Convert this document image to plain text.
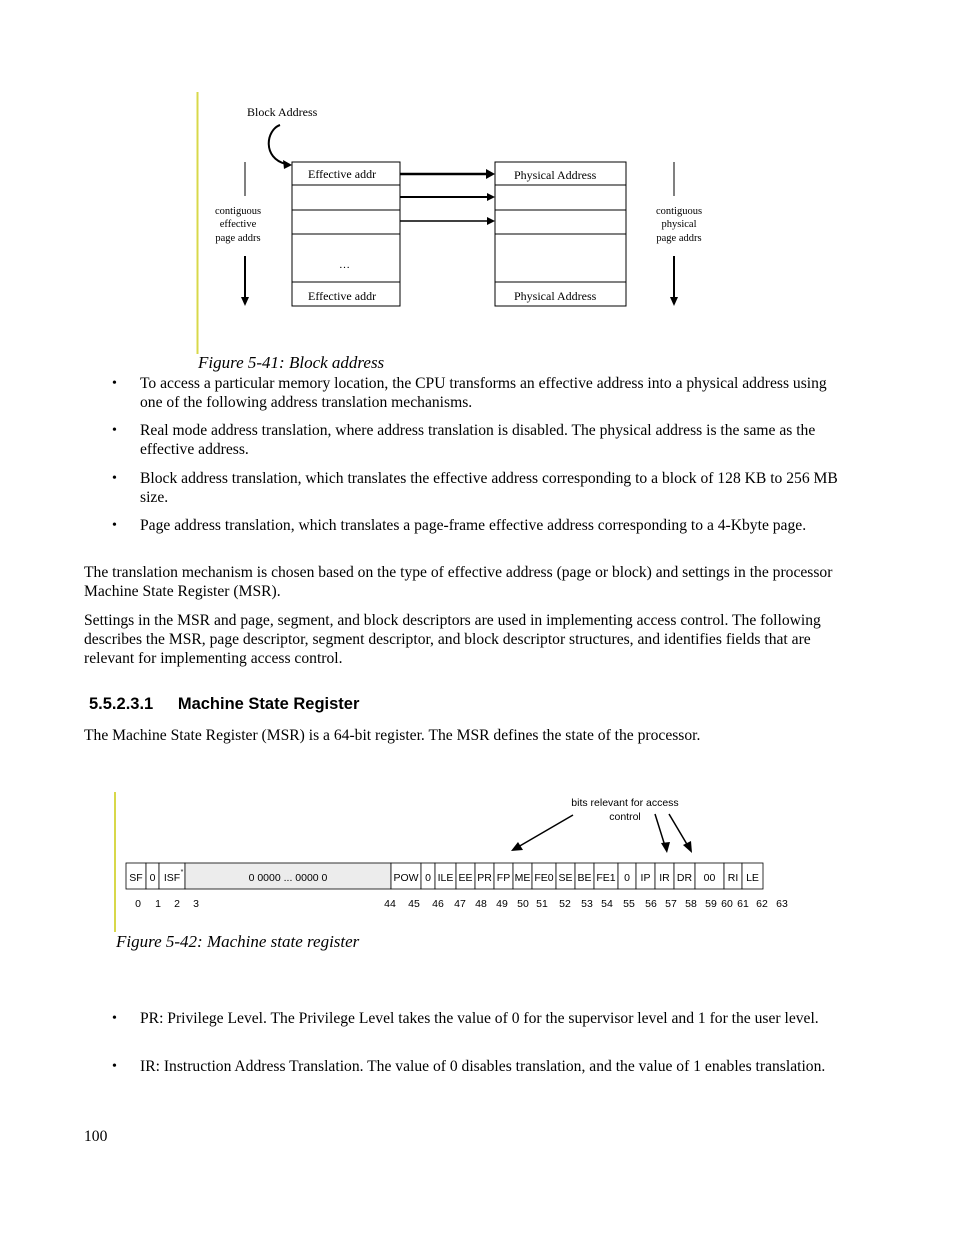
Block Address
Effective addr
…
Effective addr
Physical Address
Physical Address
contiguous
effective
page addrs
contiguous
physical
page addrs
Figure 5-41: Block address
• To access a particular memory location, the CPU transforms an effective address into a physical address using one of the following address translation mechanisms.
• Real mode address translation, where address translation is disabled. The physical address is the same as the effective address.
• Block address translation, which translates the effective address corresponding to a block of 128 KB to 256 MB size.
• Page address translation, which translates a page-frame effective address corresponding to a 4-Kbyte page.
The translation mechanism is chosen based on the type of effective address (page or block) and settings in the processor Machine State Register (MSR).
Settings in the MSR and page, segment, and block descriptors are used in implementing access control. The following describes the MSR, page descriptor, segment descriptor, and block descriptor structures, and identifies fields that are relevant for implementing access control.
5.5.2.3.1 Machine State Register
The Machine State Register (MSR) is a 64-bit register. The MSR defines the state of the processor.
bits relevant for access
control
SF 0 ISF *	0 0000 ... 0000 0	POW 0 ILE EE PR FP ME FE0 SE BE FE1 0 IP IR DR 00 RI LE
0 1 2 3	44 45 46 47 48 49 50 51 52 53 54 55 56 57 58 59 60 61 62 63
Figure 5-42: Machine state register
• PR: Privilege Level. The Privilege Level takes the value of 0 for the supervisor level and 1 for the user level.
• IR: Instruction Address Translation. The value of 0 disables translation, and the value of 1 enables translation.
100
